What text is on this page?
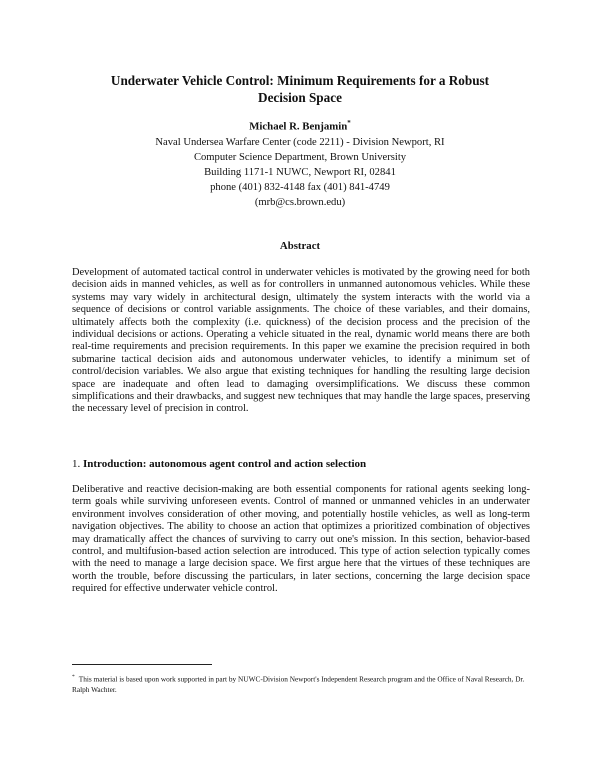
Underwater Vehicle Control: Minimum Requirements for a Robust
Decision Space
Michael R. Benjamin*
Naval Undersea Warfare Center (code 2211) - Division Newport, RI
Computer Science Department, Brown University
Building 1171-1 NUWC, Newport RI, 02841
phone (401) 832-4148 fax (401) 841-4749
(mrb@cs.brown.edu)
Abstract
Development of automated tactical control in underwater vehicles is motivated by the growing need for both decision aids in manned vehicles, as well as for controllers in unmanned autonomous vehicles. While these systems may vary widely in architectural design, ultimately the system interacts with the world via a sequence of decisions or control variable assignments. The choice of these variables, and their domains, ultimately affects both the complexity (i.e. quickness) of the decision process and the precision of the individual decisions or actions. Operating a vehicle situated in the real, dynamic world means there are both real-time requirements and precision requirements. In this paper we examine the precision required in both submarine tactical decision aids and autonomous underwater vehicles, to identify a minimum set of control/decision variables. We also argue that existing techniques for handling the resulting large decision space are inadequate and often lead to damaging oversimplifications. We discuss these common simplifications and their drawbacks, and suggest new techniques that may handle the large spaces, preserving the necessary level of precision in control.
1. Introduction: autonomous agent control and action selection
Deliberative and reactive decision-making are both essential components for rational agents seeking long-term goals while surviving unforeseen events. Control of manned or unmanned vehicles in an underwater environment involves consideration of other moving, and potentially hostile vehicles, as well as long-term navigation objectives. The ability to choose an action that optimizes a prioritized combination of objectives may dramatically affect the chances of surviving to carry out one's mission. In this section, behavior-based control, and multifusion-based action selection are introduced. This type of action selection typically comes with the need to manage a large decision space. We first argue here that the virtues of these techniques are worth the trouble, before discussing the particulars, in later sections, concerning the large decision space required for effective underwater vehicle control.
* This material is based upon work supported in part by NUWC-Division Newport's Independent Research program and the Office of Naval Research, Dr. Ralph Wachter.
